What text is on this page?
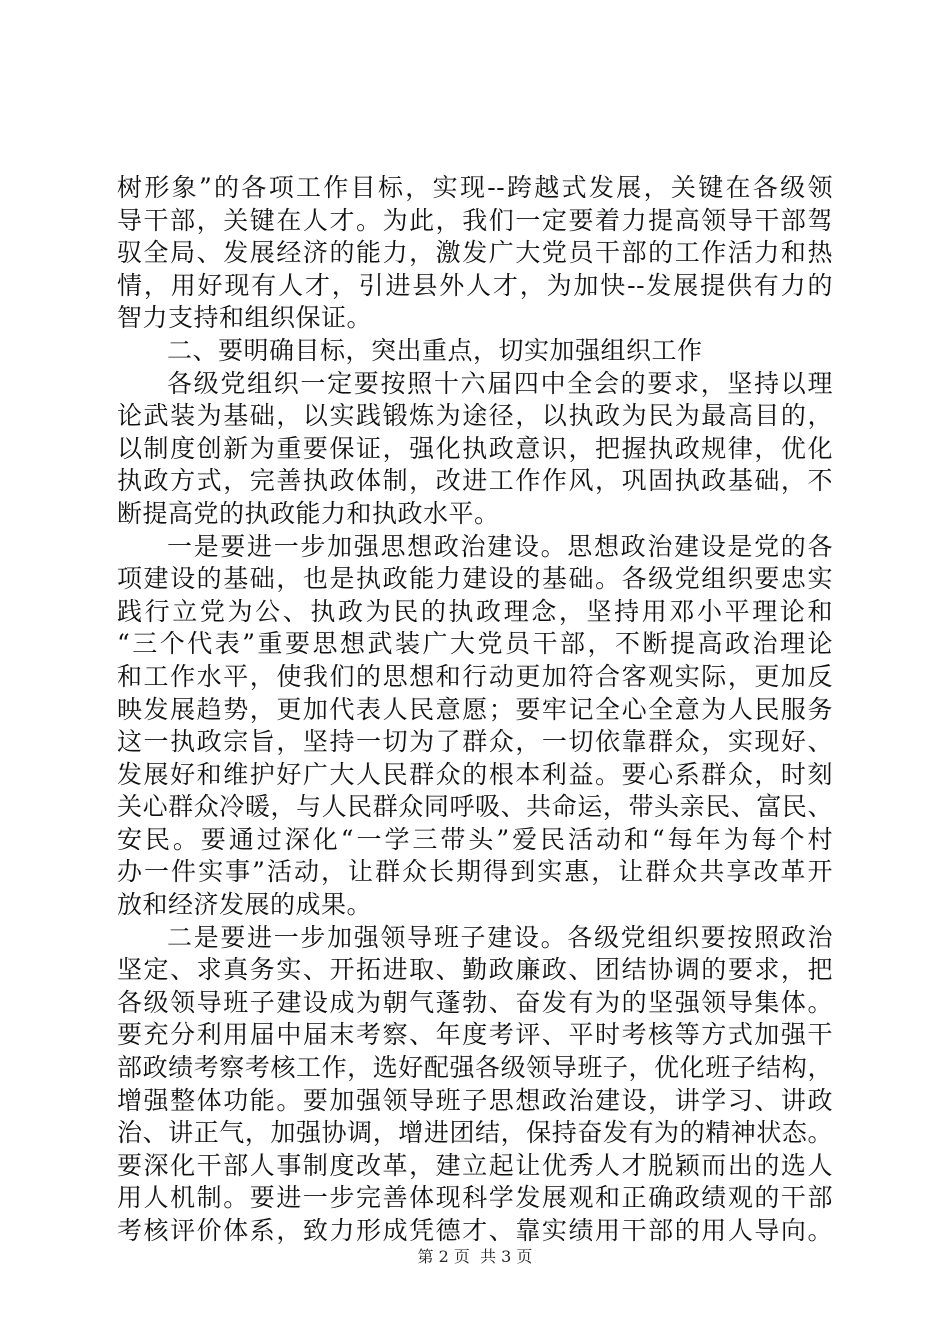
树形象”的各项工作目标，实现--跨越式发展，关键在各级领
导干部，关键在人才。为此，我们一定要着力提高领导干部驾
驭全局、发展经济的能力，激发广大党员干部的工作活力和热
情，用好现有人才，引进县外人才，为加快--发展提供有力的
智力支持和组织保证。
二、要明确目标，突出重点，切实加强组织工作
各级党组织一定要按照十六届四中全会的要求，坚持以理
论武装为基础，以实践锻炼为途径，以执政为民为最高目的，
以制度创新为重要保证，强化执政意识，把握执政规律，优化
执政方式，完善执政体制，改进工作作风，巩固执政基础，不
断提高党的执政能力和执政水平。
一是要进一步加强思想政治建设。思想政治建设是党的各
项建设的基础，也是执政能力建设的基础。各级党组织要忠实
践行立党为公、执政为民的执政理念，坚持用邓小平理论和
“三个代表”重要思想武装广大党员干部，不断提高政治理论
和工作水平，使我们的思想和行动更加符合客观实际，更加反
映发展趋势，更加代表人民意愿；要牢记全心全意为人民服务
这一执政宗旨，坚持一切为了群众，一切依靠群众，实现好、
发展好和维护好广大人民群众的根本利益。要心系群众，时刻
关心群众冷暖，与人民群众同呼吸、共命运，带头亲民、富民、
安民。要通过深化“一学三带头”爱民活动和“每年为每个村
办一件实事”活动，让群众长期得到实惠，让群众共享改革开
放和经济发展的成果。
二是要进一步加强领导班子建设。各级党组织要按照政治
坚定、求真务实、开拓进取、勤政廉政、团结协调的要求，把
各级领导班子建设成为朝气蓬勃、奋发有为的坚强领导集体。
要充分利用届中届末考察、年度考评、平时考核等方式加强干
部政绩考察考核工作，选好配强各级领导班子，优化班子结构，
增强整体功能。要加强领导班子思想政治建设，讲学习、讲政
治、讲正气，加强协调，增进团结，保持奋发有为的精神状态。
要深化干部人事制度改革，建立起让优秀人才脱颖而出的选人
用人机制。要进一步完善体现科学发展观和正确政绩观的干部
考核评价体系，致力形成凭德才、靠实绩用干部的用人导向。
第 2 页  共 3 页
